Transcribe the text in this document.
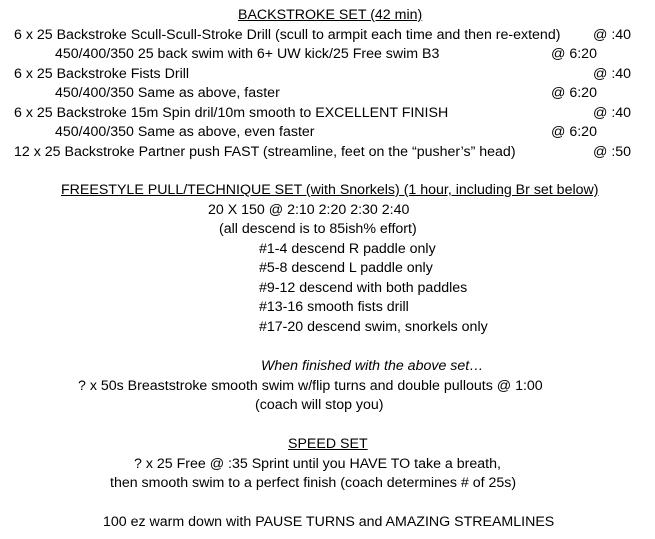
BACKSTROKE SET (42 min)
6 x 25 Backstroke Scull-Scull-Stroke Drill (scull to armpit each time and then re-extend) @ :40
450/400/350 25 back swim with 6+ UW kick/25 Free swim B3	@ 6:20
6 x 25 Backstroke Fists Drill	@ :40
450/400/350 Same as above, faster	@ 6:20
6 x 25 Backstroke 15m Spin dril/10m smooth to EXCELLENT FINISH	@ :40
450/400/350 Same as above, even faster	@ 6:20
12 x 25 Backstroke Partner push FAST (streamline, feet on the “pusher’s” head)	@ :50
FREESTYLE PULL/TECHNIQUE SET (with Snorkels) (1 hour, including Br set below)
20 X 150 @ 2:10 2:20 2:30 2:40
(all descend is to 85ish% effort)
#1-4 descend R paddle only
#5-8 descend L paddle only
#9-12 descend with both paddles
#13-16 smooth fists drill
#17-20 descend swim, snorkels only
When finished with the above set…
? x 50s Breaststroke smooth swim w/flip turns and double pullouts @ 1:00
(coach will stop you)
SPEED SET
? x 25 Free @ :35 Sprint until you HAVE TO take a breath,
then smooth swim to a perfect finish (coach determines # of 25s)
100 ez warm down with PAUSE TURNS and AMAZING STREAMLINES
